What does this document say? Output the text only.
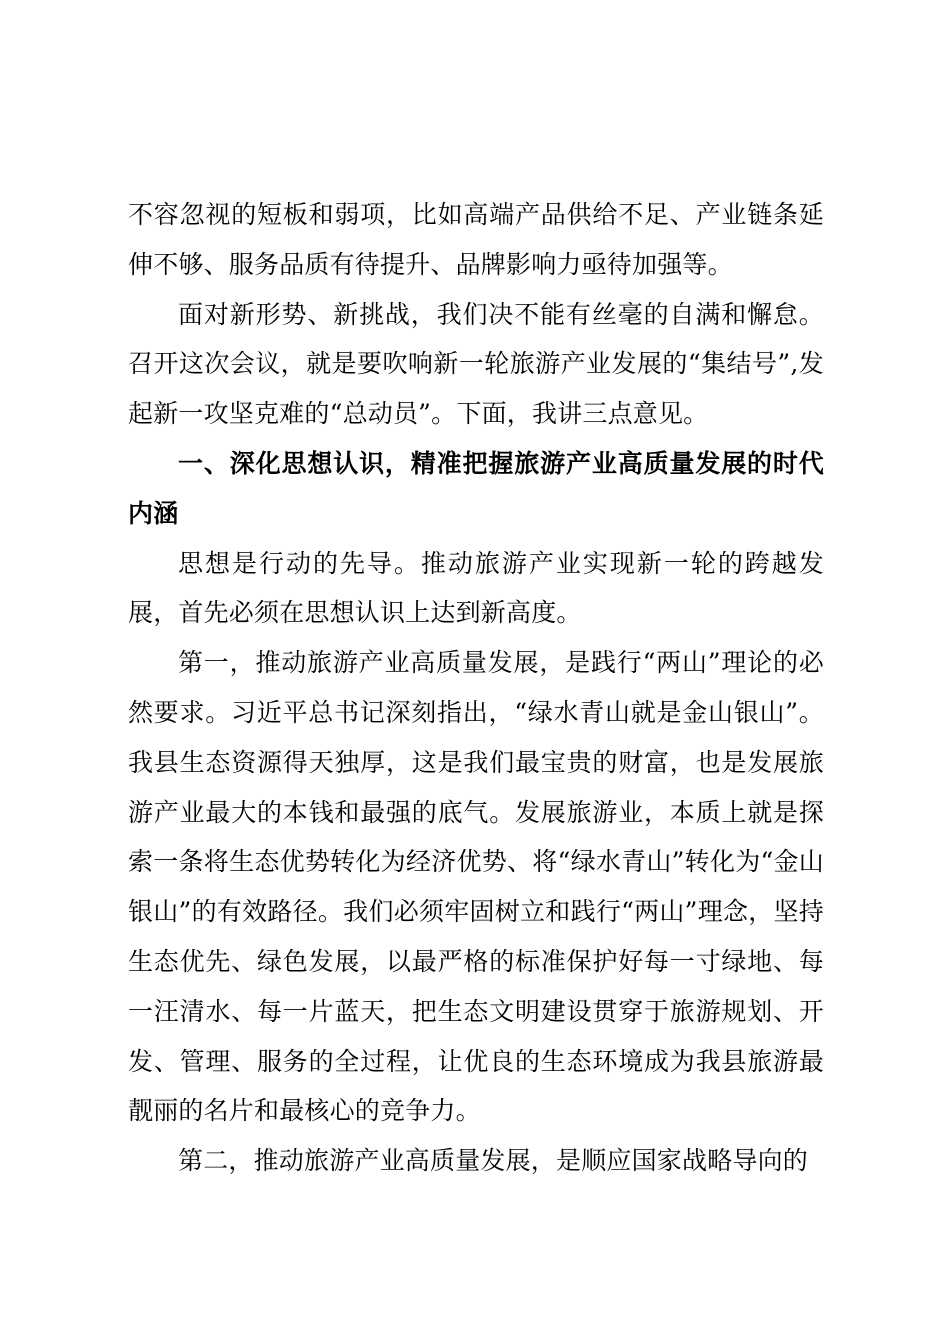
不容忽视的短板和弱项，比如高端产品供给不足、产业链条延伸不够、服务品质有待提升、品牌影响力亟待加强等。

面对新形势、新挑战，我们决不能有丝毫的自满和懈怠。召开这次会议，就是要吹响新一轮旅游产业发展的“集结号”,发起新一攻坚克难的“总动员”。下面，我讲三点意见。

一、深化思想认识，精准把握旅游产业高质量发展的时代内涵

思想是行动的先导。推动旅游产业实现新一轮的跨越发展，首先必须在思想认识上达到新高度。

第一，推动旅游产业高质量发展，是践行“两山”理论的必然要求。习近平总书记深刻指出，“绿水青山就是金山银山”。我县生态资源得天独厚，这是我们最宝贵的财富，也是发展旅游产业最大的本钱和最强的底气。发展旅游业，本质上就是探索一条将生态优势转化为经济优势、将“绿水青山”转化为“金山银山”的有效路径。我们必须牢固树立和践行“两山”理念，坚持生态优先、绿色发展，以最严格的标准保护好每一寸绿地、每一汪清水、每一片蓝天，把生态文明建设贯穿于旅游规划、开发、管理、服务的全过程，让优良的生态环境成为我县旅游最靓丽的名片和最核心的竞争力。

第二，推动旅游产业高质量发展，是顺应国家战略导向的
